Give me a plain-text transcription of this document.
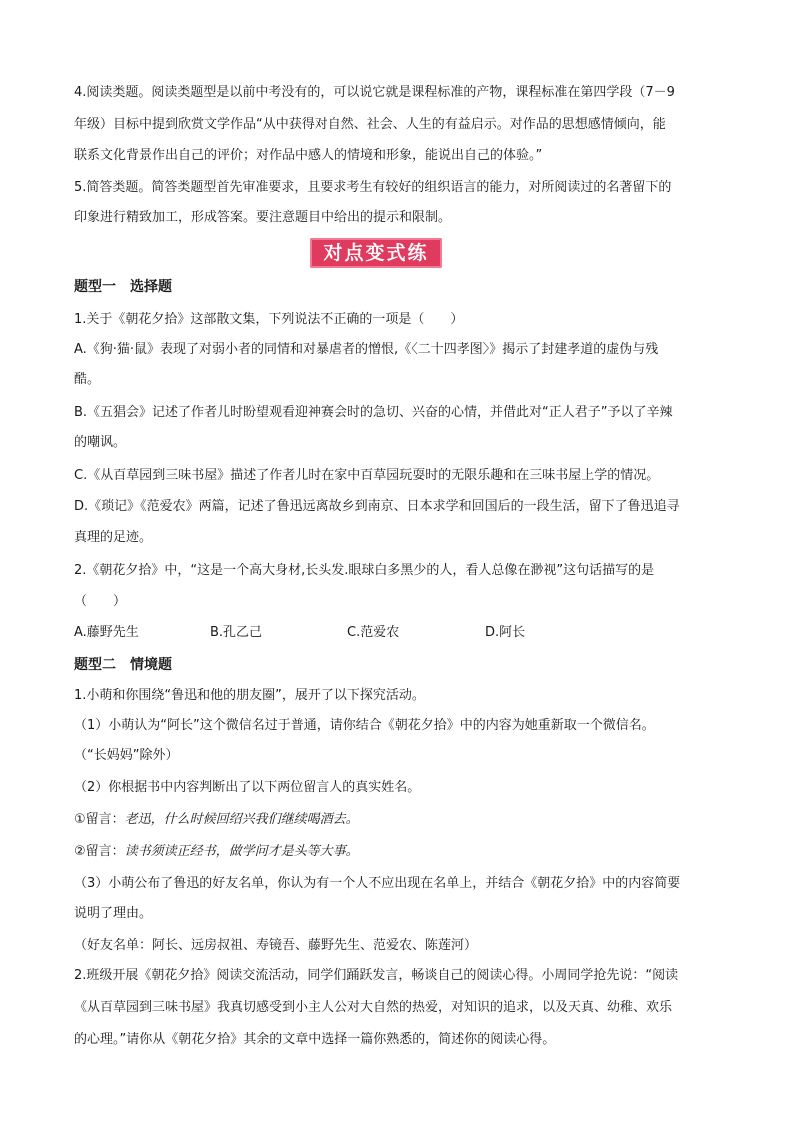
4.阅读类题。阅读类题型是以前中考没有的，可以说它就是课程标准的产物，课程标准在第四学段（7－9
年级）目标中提到欣赏文学作品“从中获得对自然、社会、人生的有益启示。对作品的思想感情倾向，能
联系文化背景作出自己的评价；对作品中感人的情境和形象，能说出自己的体验。”
5.简答类题。简答类题型首先审准要求，且要求考生有较好的组织语言的能力，对所阅读过的名著留下的
印象进行精致加工，形成答案。要注意题目中给出的提示和限制。
对点变式练
题型一　选择题
1.关于《朝花夕拾》这部散文集，下列说法不正确的一项是（　　）
A.《狗·猫·鼠》表现了对弱小者的同情和对暴虐者的憎恨,《〈二十四孝图〉》揭示了封建孝道的虚伪与残
酷。
B.《五猖会》记述了作者儿时盼望观看迎神赛会时的急切、兴奋的心情，并借此对“正人君子”予以了辛辣
的嘲讽。
C.《从百草园到三味书屋》描述了作者儿时在家中百草园玩耍时的无限乐趣和在三味书屋上学的情况。
D.《琐记》《范爱农》两篇，记述了鲁迅远离故乡到南京、日本求学和回国后的一段生活，留下了鲁迅追寻
真理的足迹。
2.《朝花夕拾》中，“这是一个高大身材,长头发.眼球白多黑少的人，看人总像在渺视”这句话描写的是
（　　）
A.藤野先生	B.孔乙己	C.范爱农	D.阿长
题型二　情境题
1.小萌和你围绕“鲁迅和他的朋友圈”，展开了以下探究活动。
（1）小萌认为“阿长”这个微信名过于普通，请你结合《朝花夕拾》中的内容为她重新取一个微信名。
（“长妈妈”除外）
（2）你根据书中内容判断出了以下两位留言人的真实姓名。
①留言：老迅，什么时候回绍兴我们继续喝酒去。
②留言：读书须读正经书，做学问才是头等大事。
（3）小萌公布了鲁迅的好友名单，你认为有一个人不应出现在名单上，并结合《朝花夕拾》中的内容简要
说明了理由。
（好友名单：阿长、远房叔祖、寿镜吾、藤野先生、范爱农、陈莲河）
2.班级开展《朝花夕拾》阅读交流活动，同学们踊跃发言，畅谈自己的阅读心得。小周同学抢先说：“阅读
《从百草园到三味书屋》我真切感受到小主人公对大自然的热爱，对知识的追求，以及天真、幼稚、欢乐
的心理。”请你从《朝花夕拾》其余的文章中选择一篇你熟悉的，简述你的阅读心得。
